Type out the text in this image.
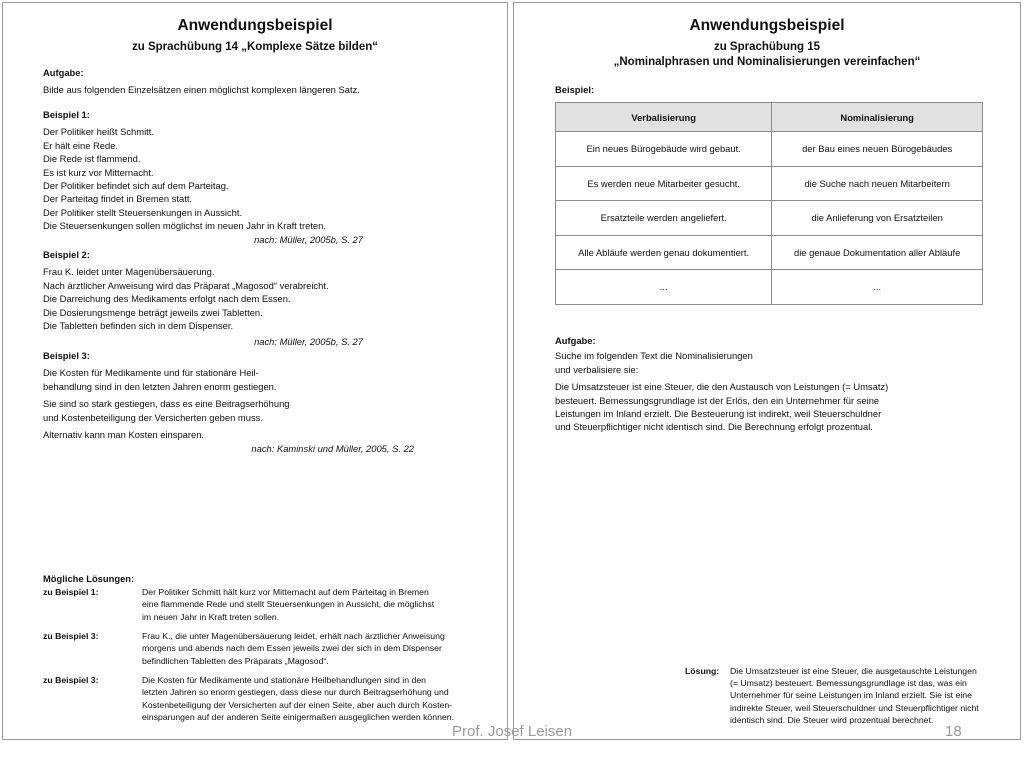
Anwendungsbeispiel
zu Sprachübung 14 „Komplexe Sätze bilden“
Aufgabe:
Bilde aus folgenden Einzelsätzen einen möglichst komplexen längeren Satz.
Beispiel 1:
Der Politiker heißt Schmitt.
Er hält eine Rede.
Die Rede ist flammend.
Es ist kurz vor Mitternacht.
Der Politiker befindet sich auf dem Parteitag.
Der Parteitag findet in Bremen statt.
Der Politiker stellt Steuersenkungen in Aussicht.
Die Steuersenkungen sollen möglichst im neuen Jahr in Kraft treten.
nach: Müller, 2005b, S. 27
Beispiel 2:
Frau K. leidet unter Magenübersäuerung.
Nach ärztlicher Anweisung wird das Präparat „Magosod“ verabreicht.
Die Darreichung des Medikaments erfolgt nach dem Essen.
Die Dosierungsmenge beträgt jeweils zwei Tabletten.
Die Tabletten befinden sich in dem Dispenser.
nach: Müller, 2005b, S. 27
Beispiel 3:
Die Kosten für Medikamente und für stationäre Heil-
behandlung sind in den letzten Jahren enorm gestiegen.
Sie sind so stark gestiegen, dass es eine Beitragserhöhung
und Kostenbeteiligung der Versicherten geben muss.
Alternativ kann man Kosten einsparen.
nach: Kaminski und Müller, 2005, S. 22
Mögliche Lösungen:
zu Beispiel 1:	Der Politiker Schmitt hält kurz vor Mitternacht auf dem Parteitag in Bremen
eine flammende Rede und stellt Steuersenkungen in Aussicht, die möglichst
im neuen Jahr in Kraft treten sollen.
zu Beispiel 3:	Frau K., die unter Magenübersäuerung leidet, erhält nach ärztlicher Anweisung
morgens und abends nach dem Essen jeweils zwei der sich in dem Dispenser
befindlichen Tabletten des Präparats „Magosod“.
zu Beispiel 3:	Die Kosten für Medikamente und stationäre Heilbehandlungen sind in den
letzten Jahren so enorm gestiegen, dass diese nur durch Beitragserhöhung und
Kostenbeteiligung der Versicherten auf der einen Seite, aber auch durch Kosten-
einsparungen auf der anderen Seite einigermaßen ausgeglichen werden können.
Anwendungsbeispiel
zu Sprachübung 15
„Nominalphrasen und Nominalisierungen vereinfachen“
Beispiel:
Verbalisierung	Nominalisierung
Ein neues Bürogebäude wird gebaut.	der Bau eines neuen Bürogebäudes
Es werden neue Mitarbeiter gesucht.	die Suche nach neuen Mitarbeitern
Ersatzteile werden angeliefert.	die Anlieferung von Ersatzteilen
Alle Abläufe werden genau dokumentiert.	die genaue Dokumentation aller Abläufe
...	...
Aufgabe:
Suche im folgenden Text die Nominalisierungen
und verbalisiere sie:
Die Umsatzsteuer ist eine Steuer, die den Austausch von Leistungen (= Umsatz)
besteuert. Bemessungsgrundlage ist der Erlös, den ein Unternehmer für seine
Leistungen im Inland erzielt. Die Besteuerung ist indirekt, weil Steuerschuldner
und Steuerpflichtiger nicht identisch sind. Die Berechnung erfolgt prozentual.
Lösung: Die Umsatzsteuer ist eine Steuer, die ausgetauschte Leistungen
(= Umsatz) besteuert. Bemessungsgrundlage ist das, was ein
Unternehmer für seine Leistungen im Inland erzielt. Sie ist eine
indirekte Steuer, weil Steuerschuldner und Steuerpflichtiger nicht
identisch sind. Die Steuer wird prozentual berechnet.
Prof. Josef Leisen	18
